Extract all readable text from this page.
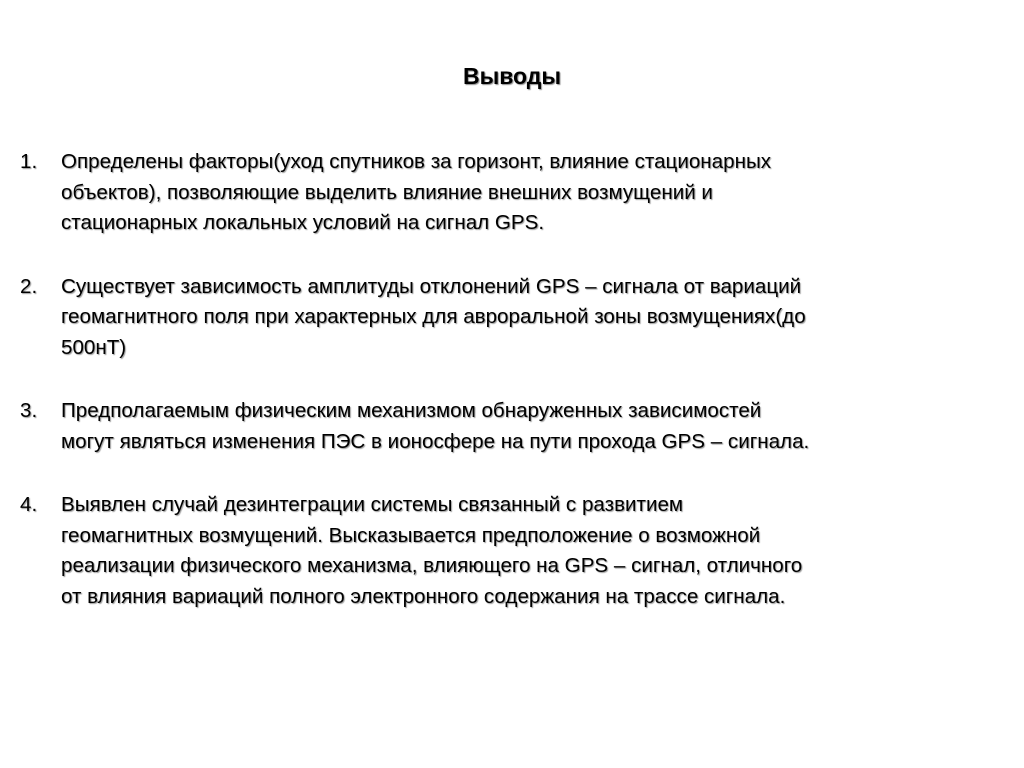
Выводы
1. Определены факторы(уход спутников за горизонт, влияние стационарных
объектов), позволяющие выделить влияние внешних возмущений и
стационарных локальных условий на сигнал GPS.
2. Существует зависимость амплитуды отклонений GPS – сигнала от вариаций
геомагнитного поля при характерных для авроральной зоны возмущениях(до
500нТ)
3. Предполагаемым физическим механизмом обнаруженных зависимостей
могут являться изменения ПЭС в ионосфере на пути прохода GPS – сигнала.
4. Выявлен случай дезинтеграции системы связанный с развитием
геомагнитных возмущений. Высказывается предположение о возможной
реализации физического механизма, влияющего на GPS – сигнал, отличного
от влияния вариаций полного электронного содержания на трассе сигнала.
